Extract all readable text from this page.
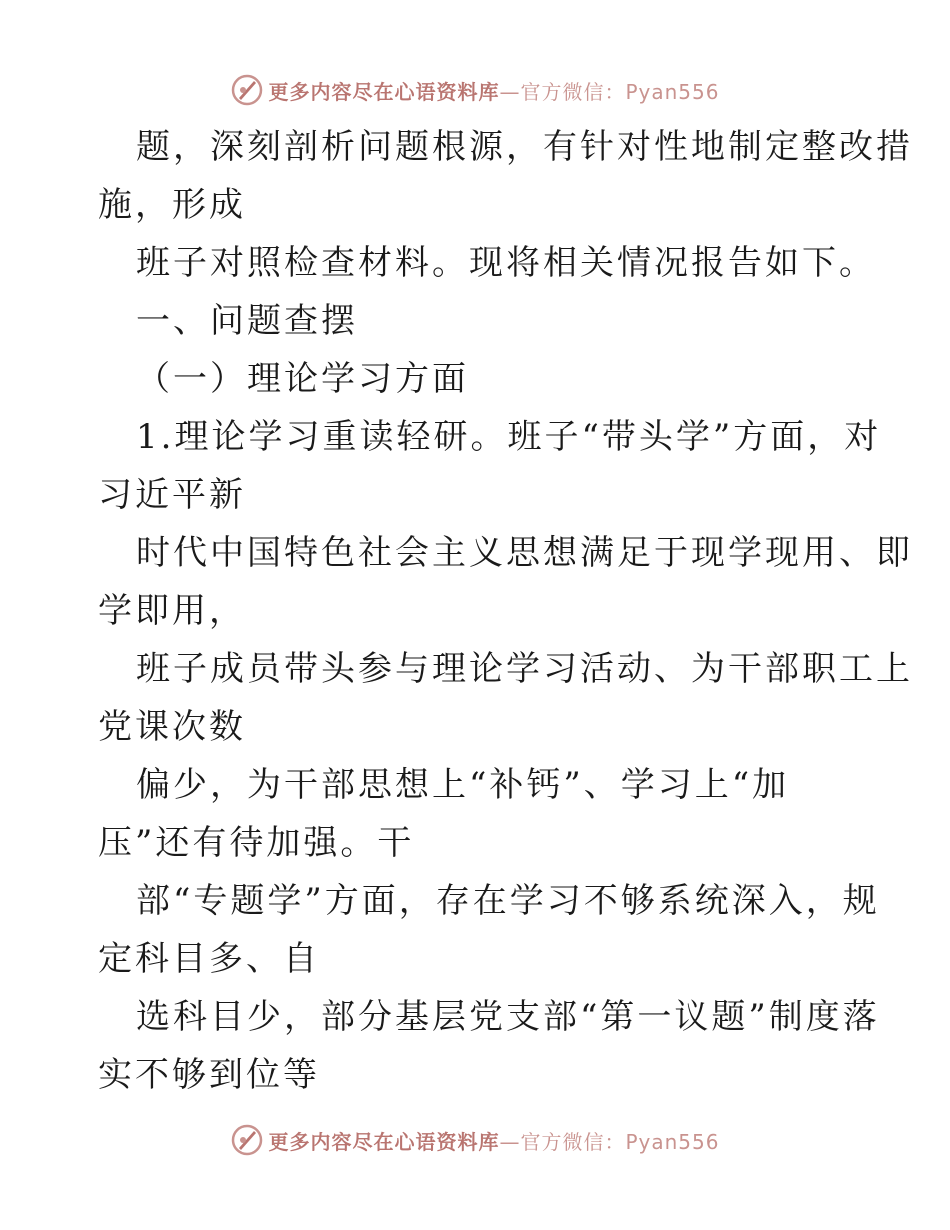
更多内容尽在心语资料库—官方微信：Pyan556
题，深刻剖析问题根源，有针对性地制定整改措
施，形成
班子对照检查材料。现将相关情况报告如下。
一、问题查摆
（一）理论学习方面
1.理论学习重读轻研。班子“带头学”方面，对
习近平新
时代中国特色社会主义思想满足于现学现用、即
学即用，
班子成员带头参与理论学习活动、为干部职工上
党课次数
偏少，为干部思想上“补钙”、学习上“加
压”还有待加强。干
部“专题学”方面，存在学习不够系统深入，规
定科目多、自
选科目少，部分基层党支部“第一议题”制度落
实不够到位等
更多内容尽在心语资料库—官方微信：Pyan556
